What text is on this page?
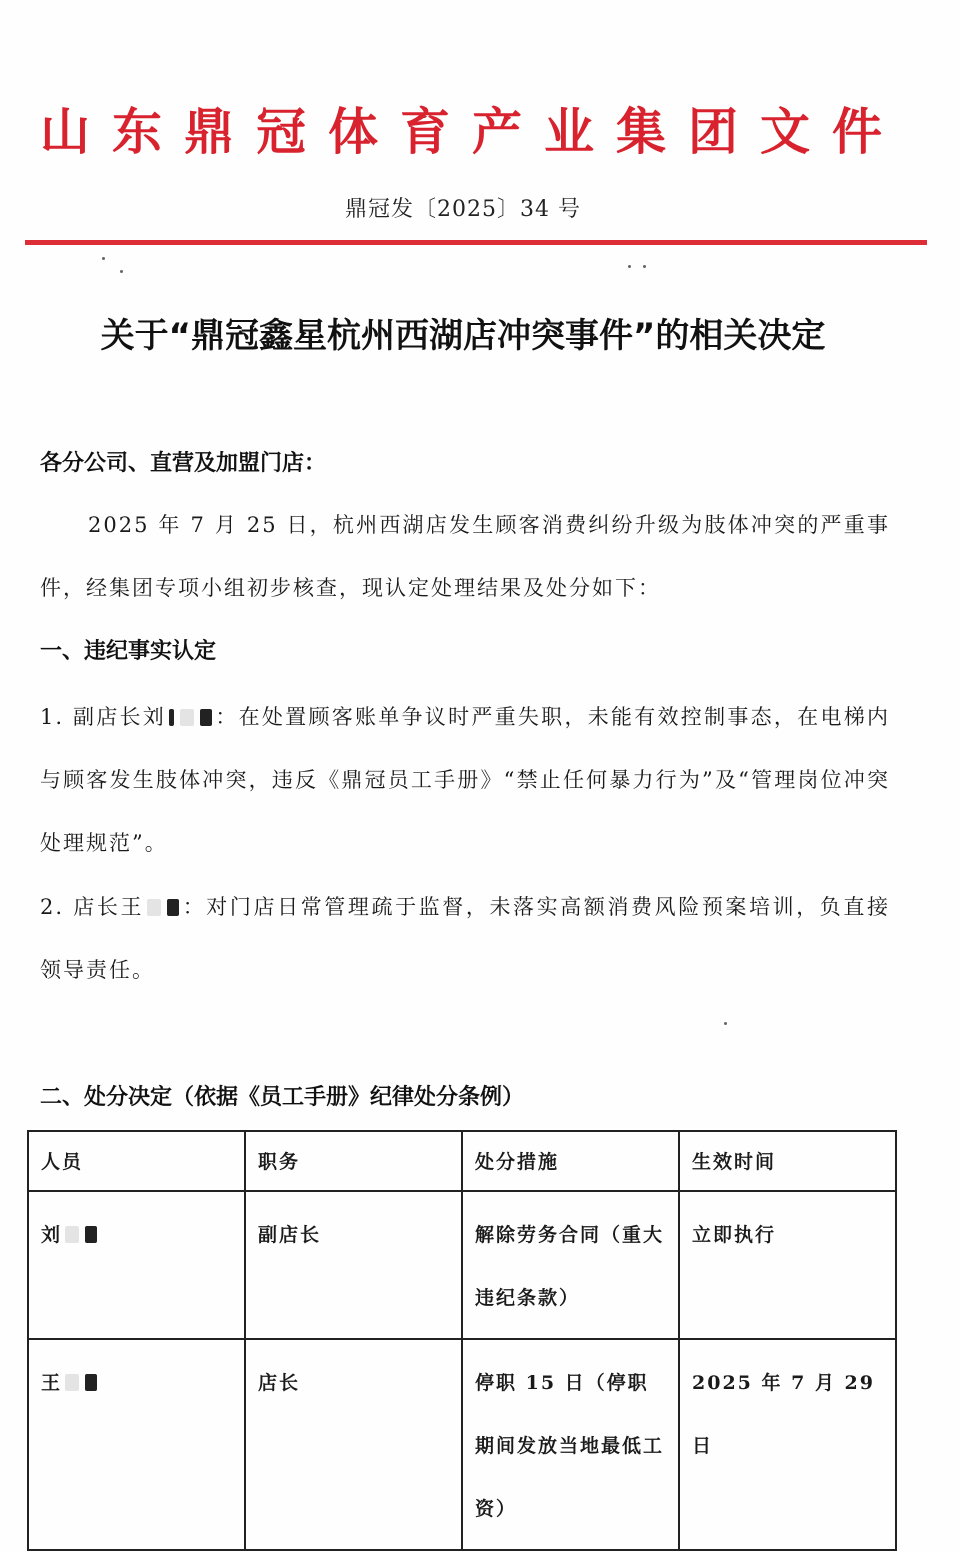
山东鼎冠体育产业集团文件
鼎冠发〔2025〕34 号
关于“鼎冠鑫星杭州西湖店冲突事件”的相关决定
各分公司、直营及加盟门店：
2025 年 7 月 25 日，杭州西湖店发生顾客消费纠纷升级为肢体冲突的严重事件，经集团专项小组初步核查，现认定处理结果及处分如下：
一、违纪事实认定
1. 副店长刘 ：在处置顾客账单争议时严重失职，未能有效控制事态，在电梯内与顾客发生肢体冲突，违反《鼎冠员工手册》“禁止任何暴力行为”及“管理岗位冲突处理规范”。
2. 店长王 ：对门店日常管理疏于监督，未落实高额消费风险预案培训，负直接领导责任。
二、处分决定（依据《员工手册》纪律处分条例）
人员	职务	处分措施	生效时间

刘	副店长	解除劳务合同（重大违纪条款）	立即执行
王	店长	停职 15 日（停职期间发放当地最低工资）	2025 年 7 月 29 日
